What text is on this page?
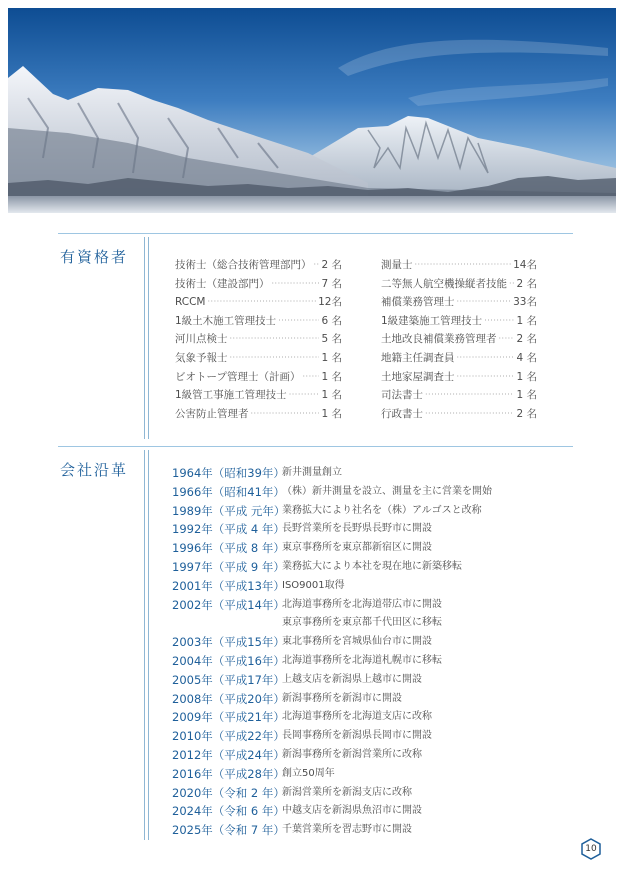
有資格者	技術士（総合技術管理部門） ····· 2 名
技術士（建設部門） ·····	7 名
RCCM ·····	12名
1級土木施工管理技士 ·····	6 名
河川点検士 ·····	5 名
気象予報士 ·····	1 名
ビオトープ管理士（計画） ····· 1 名
1級管工事施工管理技士 ·····	1 名
公害防止管理者 ·····	1 名
測量士 ·····	14名
二等無人航空機操縦者技能 ····· 2 名
補償業務管理士 ·····	33名
1級建築施工管理技士 ·····	1 名
土地改良補償業務管理者 ····· 2 名
地籍主任調査員 ·····	4 名
土地家屋調査士 ·····	1 名
司法書士 ·····	1 名
行政書士 ·····	2 名
会社沿革	1964年（昭和39年）
新井測量創立
1966年（昭和41年）
（株）新井測量を設立、測量を主に営業を開始
1989年（平成 元年）
業務拡大により社名を（株）アルゴスと改称
1992年（平成 4 年）
長野営業所を長野県長野市に開設
1996年（平成 8 年）
東京事務所を東京都新宿区に開設
1997年（平成 9 年）
業務拡大により本社を現在地に新築移転
2001年（平成13年）
ISO9001取得
2002年（平成14年）
北海道事務所を北海道帯広市に開設
東京事務所を東京都千代田区に移転
2003年（平成15年）
東北事務所を宮城県仙台市に開設
2004年（平成16年）
北海道事務所を北海道札幌市に移転
2005年（平成17年）
上越支店を新潟県上越市に開設
2008年（平成20年）
新潟事務所を新潟市に開設
2009年（平成21年）
北海道事務所を北海道支店に改称
2010年（平成22年）
長岡事務所を新潟県長岡市に開設
2012年（平成24年）
新潟事務所を新潟営業所に改称
2016年（平成28年）
創立50周年
2020年（令和 2 年）
新潟営業所を新潟支店に改称
2024年（令和 6 年）
中越支店を新潟県魚沼市に開設
2025年（令和 7 年）
千葉営業所を習志野市に開設
10
